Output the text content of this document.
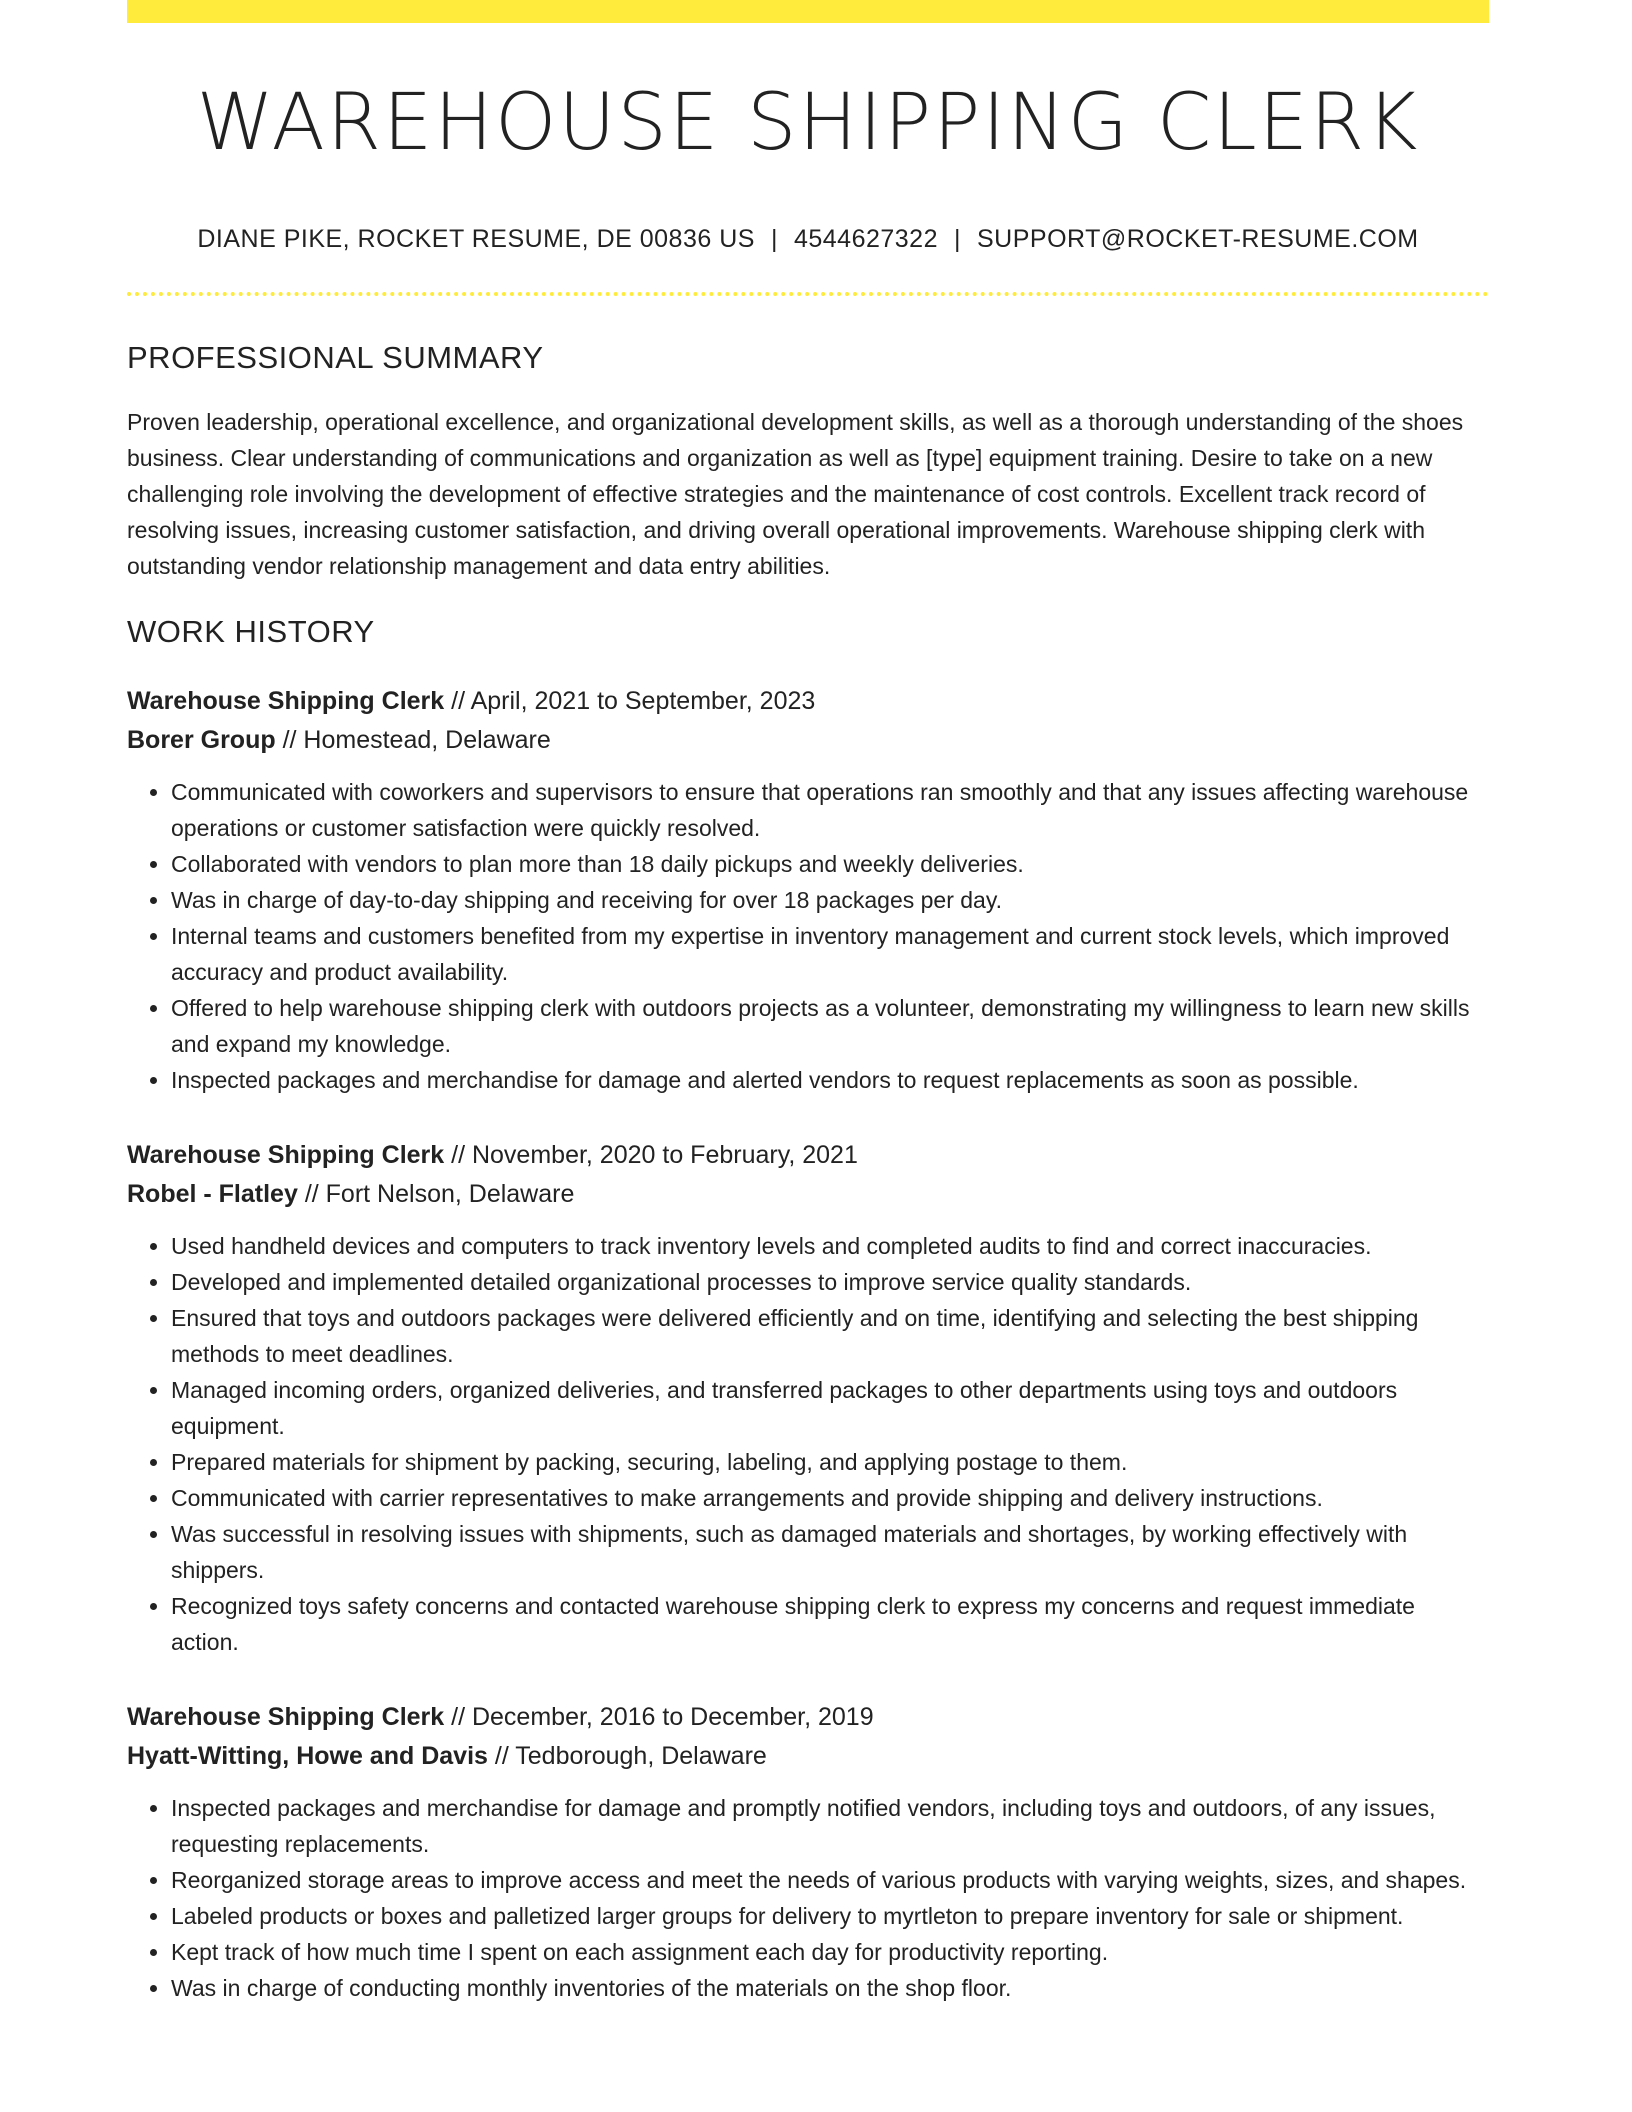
WAREHOUSE SHIPPING CLERK
DIANE PIKE, ROCKET RESUME, DE 00836 US | 4544627322 | SUPPORT@ROCKET-RESUME.COM
PROFESSIONAL SUMMARY

Proven leadership, operational excellence, and organizational development skills, as well as a thorough understanding of the shoes business. Clear understanding of communications and organization as well as [type] equipment training. Desire to take on a new challenging role involving the development of effective strategies and the maintenance of cost controls. Excellent track record of resolving issues, increasing customer satisfaction, and driving overall operational improvements. Warehouse shipping clerk with outstanding vendor relationship management and data entry abilities.

WORK HISTORY
Warehouse Shipping Clerk // April, 2021 to September, 2023
Borer Group // Homestead, Delaware
• Communicated with coworkers and supervisors to ensure that operations ran smoothly and that any issues affecting warehouse operations or customer satisfaction were quickly resolved.
• Collaborated with vendors to plan more than 18 daily pickups and weekly deliveries.
• Was in charge of day-to-day shipping and receiving for over 18 packages per day.
• Internal teams and customers benefited from my expertise in inventory management and current stock levels, which improved accuracy and product availability.
• Offered to help warehouse shipping clerk with outdoors projects as a volunteer, demonstrating my willingness to learn new skills and expand my knowledge.
• Inspected packages and merchandise for damage and alerted vendors to request replacements as soon as possible.
Warehouse Shipping Clerk // November, 2020 to February, 2021
Robel - Flatley // Fort Nelson, Delaware
• Used handheld devices and computers to track inventory levels and completed audits to find and correct inaccuracies.
• Developed and implemented detailed organizational processes to improve service quality standards.
• Ensured that toys and outdoors packages were delivered efficiently and on time, identifying and selecting the best shipping methods to meet deadlines.
• Managed incoming orders, organized deliveries, and transferred packages to other departments using toys and outdoors equipment.
• Prepared materials for shipment by packing, securing, labeling, and applying postage to them.
• Communicated with carrier representatives to make arrangements and provide shipping and delivery instructions.
• Was successful in resolving issues with shipments, such as damaged materials and shortages, by working effectively with shippers.
• Recognized toys safety concerns and contacted warehouse shipping clerk to express my concerns and request immediate action.
Warehouse Shipping Clerk // December, 2016 to December, 2019
Hyatt-Witting, Howe and Davis // Tedborough, Delaware
• Inspected packages and merchandise for damage and promptly notified vendors, including toys and outdoors, of any issues, requesting replacements.
• Reorganized storage areas to improve access and meet the needs of various products with varying weights, sizes, and shapes.
• Labeled products or boxes and palletized larger groups for delivery to myrtleton to prepare inventory for sale or shipment.
• Kept track of how much time I spent on each assignment each day for productivity reporting.
• Was in charge of conducting monthly inventories of the materials on the shop floor.
